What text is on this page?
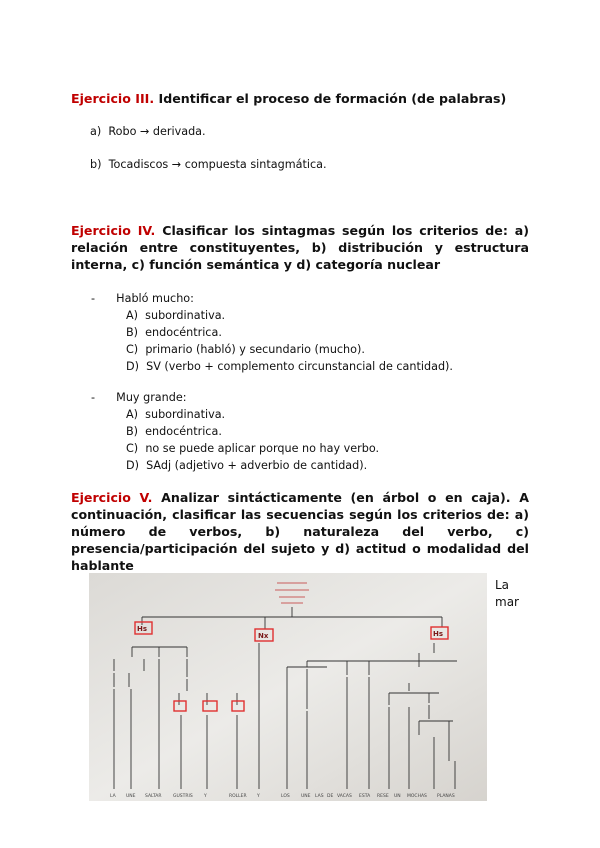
Ejercicio III. Identificar el proceso de formación (de palabras)
a) Robo → derivada.
b) Tocadiscos → compuesta sintagmática.
Ejercicio IV. Clasificar los sintagmas según los criterios de: a) relación entre constituyentes, b) distribución y estructura interna, c) función semántica y d) categoría nuclear
- Habló mucho:
A) subordinativa.
B) endocéntrica.
C) primario (habló) y secundario (mucho).
D) SV (verbo + complemento circunstancial de cantidad).
- Muy grande:
A) subordinativa.
B) endocéntrica.
C) no se puede aplicar porque no hay verbo.
D) SAdj (adjetivo + adverbio de cantidad).
Ejercicio V. Analizar sintácticamente (en árbol o en caja). A continuación, clasificar las secuencias según los criterios de: a) número de verbos, b) naturaleza del verbo, c) presencia/participación del sujeto y d) actitud o modalidad del hablante
Hs
Nx	Hs
LA UNE SALTAR	GUSTRIS	Y	ROLLER Y	LOS	UNE LAS DE VACAS ESTA RESE UN MOCHAS PLANAS
La
mar
